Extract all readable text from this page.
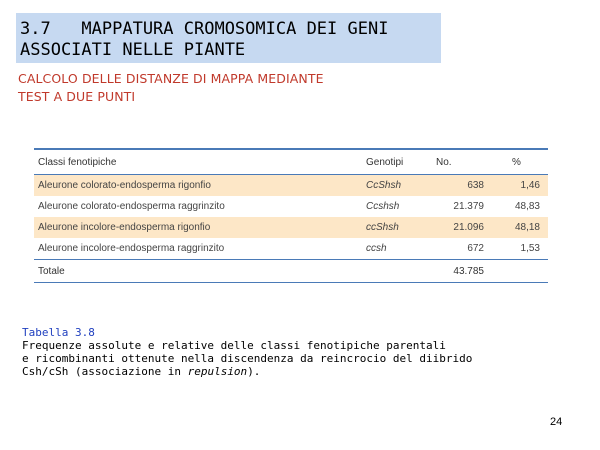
3.7   MAPPATURA CROMOSOMICA DEI GENI
ASSOCIATI NELLE PIANTE
CALCOLO DELLE DISTANZE DI MAPPA MEDIANTE
TEST A DUE PUNTI
Classi fenotipiche	Genotipi	No.	%
Aleurone colorato-endosperma rigonfio	CcShsh	638	1,46
Aleurone colorato-endosperma raggrinzito	Ccshsh	21.379	48,83
Aleurone incolore-endosperma rigonfio	ccShsh	21.096	48,18
Aleurone incolore-endosperma raggrinzito	ccsh	672	1,53
Totale		43.785	
Tabella 3.8
Frequenze assolute e relative delle classi fenotipiche parentali
e ricombinanti ottenute nella discendenza da reincrocio del diibrido
Csh/cSh (associazione in repulsion).
24
